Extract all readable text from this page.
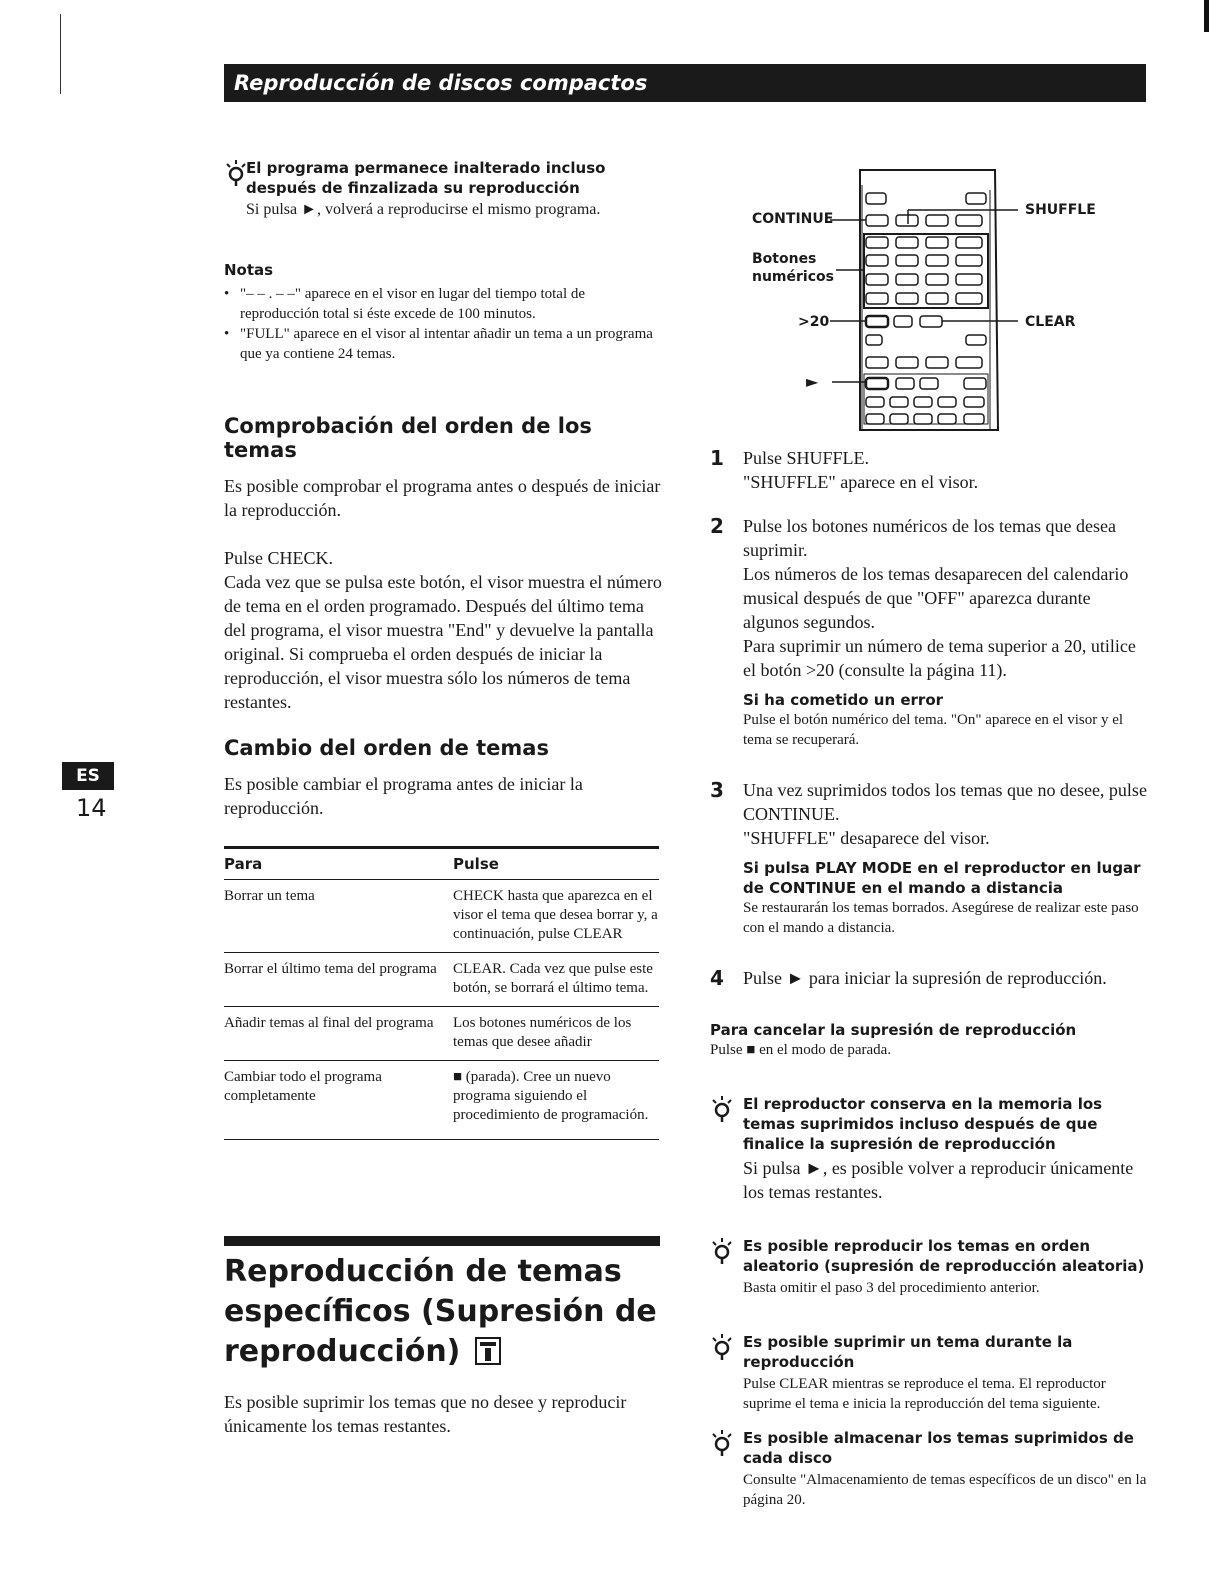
Reproducción de discos compactos
ES
14
El programa permanece inalterado incluso después de finzalizada su reproducción
Si pulsa ►, volverá a reproducirse el mismo programa.
Notas
• "– – . – –" aparece en el visor en lugar del tiempo total de reproducción total si éste excede de 100 minutos.
• "FULL" aparece en el visor al intentar añadir un tema a un programa que ya contiene 24 temas.
Comprobación del orden de los temas
Es posible comprobar el programa antes o después de iniciar la reproducción.
Pulse CHECK.
Cada vez que se pulsa este botón, el visor muestra el número de tema en el orden programado. Después del último tema del programa, el visor muestra "End" y devuelve la pantalla original. Si comprueba el orden después de iniciar la reproducción, el visor muestra sólo los números de tema restantes.
Cambio del orden de temas
Es posible cambiar el programa antes de iniciar la reproducción.
Para	Pulse
Borrar un tema	CHECK hasta que aparezca en el visor el tema que desea borrar y, a continuación, pulse CLEAR
Borrar el último tema del programa	CLEAR. Cada vez que pulse este botón, se borrará el último tema.
Añadir temas al final del programa	Los botones numéricos de los temas que desee añadir
Cambiar todo el programa completamente	■ (parada). Cree un nuevo programa siguiendo el procedimiento de programación.
Reproducción de temas
específicos (Supresión de
reproducción)
Es posible suprimir los temas que no desee y reproducir únicamente los temas restantes.
CONTINUE
Botones
numéricos
>20
►
SHUFFLE
CLEAR
1 Pulse SHUFFLE.
"SHUFFLE" aparece en el visor.
2 Pulse los botones numéricos de los temas que desea suprimir.
Los números de los temas desaparecen del calendario musical después de que "OFF" aparezca durante algunos segundos.
Para suprimir un número de tema superior a 20, utilice el botón >20 (consulte la página 11).
Si ha cometido un error
Pulse el botón numérico del tema. "On" aparece en el visor y el tema se recuperará.
3 Una vez suprimidos todos los temas que no desee, pulse CONTINUE.
"SHUFFLE" desaparece del visor.
Si pulsa PLAY MODE en el reproductor en lugar de CONTINUE en el mando a distancia
Se restaurarán los temas borrados. Asegúrese de realizar este paso con el mando a distancia.
4 Pulse ► para iniciar la supresión de reproducción.
Para cancelar la supresión de reproducción
Pulse ■ en el modo de parada.
El reproductor conserva en la memoria los temas suprimidos incluso después de que finalice la supresión de reproducción
Si pulsa ►, es posible volver a reproducir únicamente los temas restantes.
Es posible reproducir los temas en orden aleatorio (supresión de reproducción aleatoria)
Basta omitir el paso 3 del procedimiento anterior.
Es posible suprimir un tema durante la reproducción
Pulse CLEAR mientras se reproduce el tema. El reproductor suprime el tema e inicia la reproducción del tema siguiente.
Es posible almacenar los temas suprimidos de cada disco
Consulte "Almacenamiento de temas específicos de un disco" en la página 20.
